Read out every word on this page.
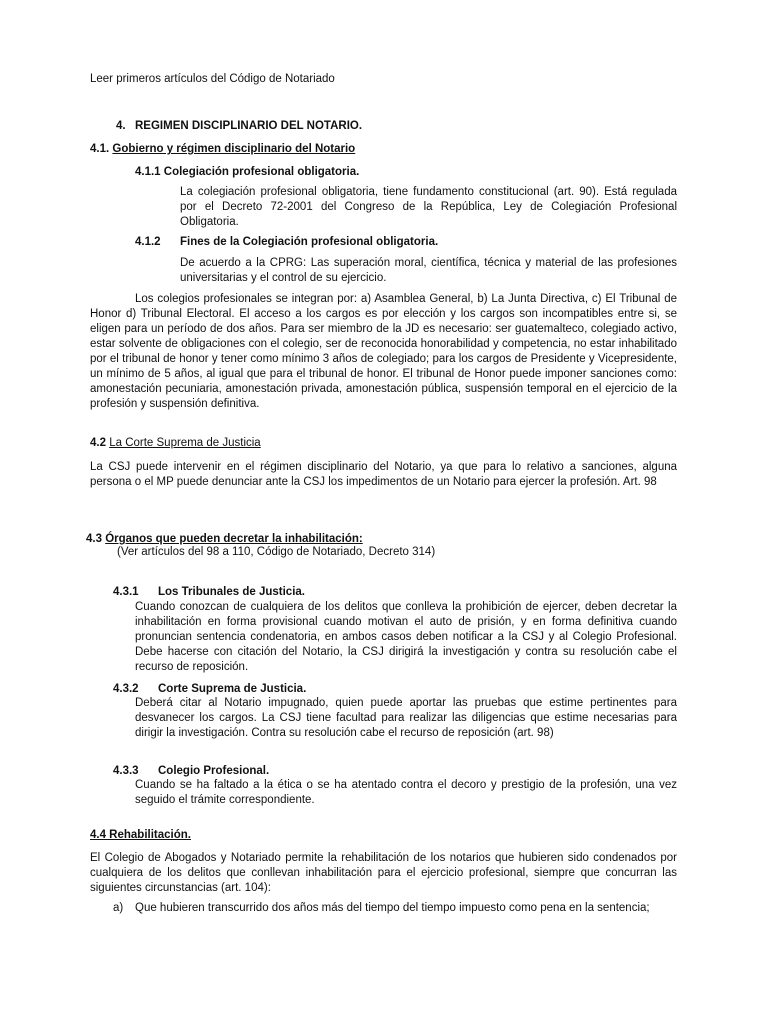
Leer primeros artículos del Código de Notariado
4. REGIMEN DISCIPLINARIO DEL NOTARIO.
4.1. Gobierno y régimen disciplinario del Notario
4.1.1 Colegiación profesional obligatoria.
La colegiación profesional obligatoria, tiene fundamento constitucional (art. 90). Está regulada por el Decreto 72-2001 del Congreso de la República, Ley de Colegiación Profesional Obligatoria.
4.1.2 Fines de la Colegiación profesional obligatoria.
De acuerdo a la CPRG: Las superación moral, científica, técnica y material de las profesiones universitarias y el control de su ejercicio.
Los colegios profesionales se integran por: a) Asamblea General, b) La Junta Directiva, c) El Tribunal de Honor d) Tribunal Electoral. El acceso a los cargos es por elección y los cargos son incompatibles entre si, se eligen para un período de dos años. Para ser miembro de la JD es necesario: ser guatemalteco, colegiado activo, estar solvente de obligaciones con el colegio, ser de reconocida honorabilidad y competencia, no estar inhabilitado por el tribunal de honor y tener como mínimo 3 años de colegiado; para los cargos de Presidente y Vicepresidente, un mínimo de 5 años, al igual que para el tribunal de honor. El tribunal de Honor puede imponer sanciones como: amonestación pecuniaria, amonestación privada, amonestación pública, suspensión temporal en el ejercicio de la profesión y suspensión definitiva.
4.2 La Corte Suprema de Justicia
La CSJ puede intervenir en el régimen disciplinario del Notario, ya que para lo relativo a sanciones, alguna persona o el MP puede denunciar ante la CSJ los impedimentos de un Notario para ejercer la profesión. Art. 98
4.3 Órganos que pueden decretar la inhabilitación:
(Ver artículos del 98 a 110, Código de Notariado, Decreto 314)
4.3.1 Los Tribunales de Justicia.
Cuando conozcan de cualquiera de los delitos que conlleva la prohibición de ejercer, deben decretar la inhabilitación en forma provisional cuando motivan el auto de prisión, y en forma definitiva cuando pronuncian sentencia condenatoria, en ambos casos deben notificar a la CSJ y al Colegio Profesional. Debe hacerse con citación del Notario, la CSJ dirigirá la investigación y contra su resolución cabe el recurso de reposición.
4.3.2 Corte Suprema de Justicia.
Deberá citar al Notario impugnado, quien puede aportar las pruebas que estime pertinentes para desvanecer los cargos. La CSJ tiene facultad para realizar las diligencias que estime necesarias para dirigir la investigación. Contra su resolución cabe el recurso de reposición (art. 98)
4.3.3 Colegio Profesional.
Cuando se ha faltado a la ética o se ha atentado contra el decoro y prestigio de la profesión, una vez seguido el trámite correspondiente.
4.4 Rehabilitación.
El Colegio de Abogados y Notariado permite la rehabilitación de los notarios que hubieren sido condenados por cualquiera de los delitos que conllevan inhabilitación para el ejercicio profesional, siempre que concurran las siguientes circunstancias (art. 104):
a)	Que hubieren transcurrido dos años más del tiempo del tiempo impuesto como pena en la sentencia;
